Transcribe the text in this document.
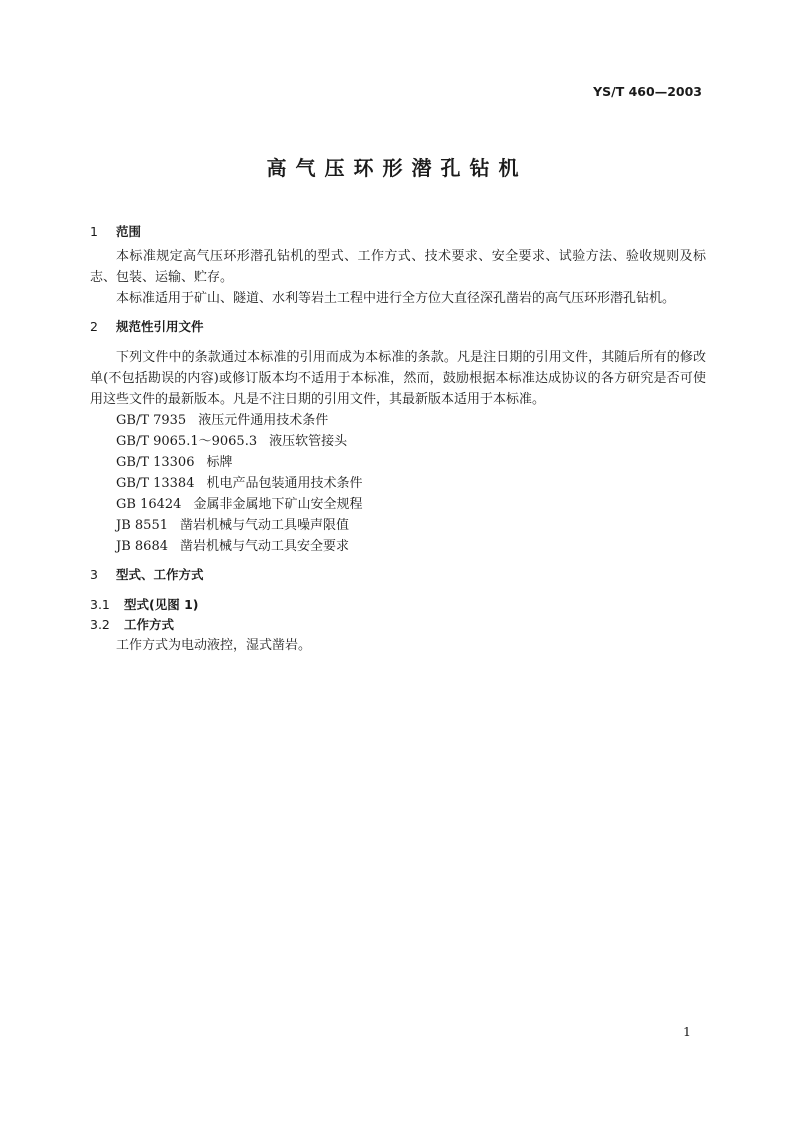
YS/T 460—2003
高气压环形潜孔钻机
1 范围

本标准规定高气压环形潜孔钻机的型式、工作方式、技术要求、安全要求、试验方法、验收规则及标志、包装、运输、贮存。

本标准适用于矿山、隧道、水利等岩土工程中进行全方位大直径深孔凿岩的高气压环形潜孔钻机。

2 规范性引用文件

下列文件中的条款通过本标准的引用而成为本标准的条款。凡是注日期的引用文件，其随后所有的修改单(不包括勘误的内容)或修订版本均不适用于本标准，然而，鼓励根据本标准达成协议的各方研究是否可使用这些文件的最新版本。凡是不注日期的引用文件，其最新版本适用于本标准。

GB/T 7935 液压元件通用技术条件

GB/T 9065.1～9065.3 液压软管接头

GB/T 13306 标牌

GB/T 13384 机电产品包装通用技术条件

GB 16424 金属非金属地下矿山安全规程

JB 8551 凿岩机械与气动工具噪声限值

JB 8684 凿岩机械与气动工具安全要求

3 型式、工作方式
3.1 型式(见图 1)
3.2 工作方式

工作方式为电动液控，湿式凿岩。

1
